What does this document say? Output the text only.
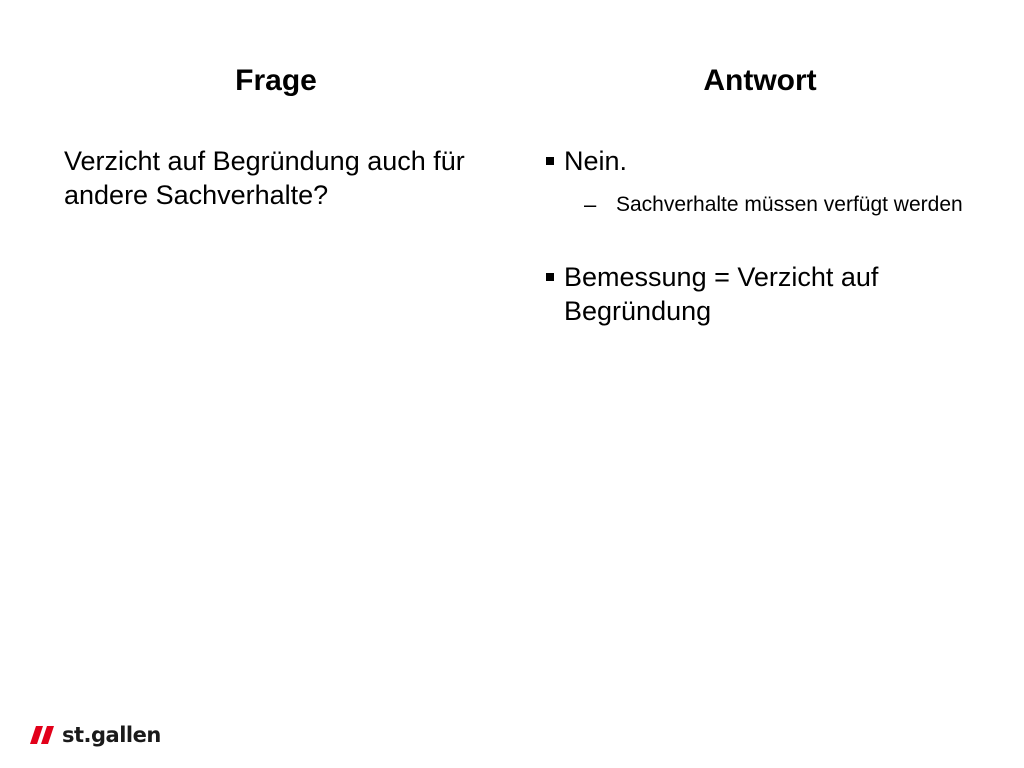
Frage	Antwort

Verzicht auf Begründung auch für andere Sachverhalte?

Nein.
– Sachverhalte müssen verfügt werden
Bemessung = Verzicht auf Begründung
st.gallen
